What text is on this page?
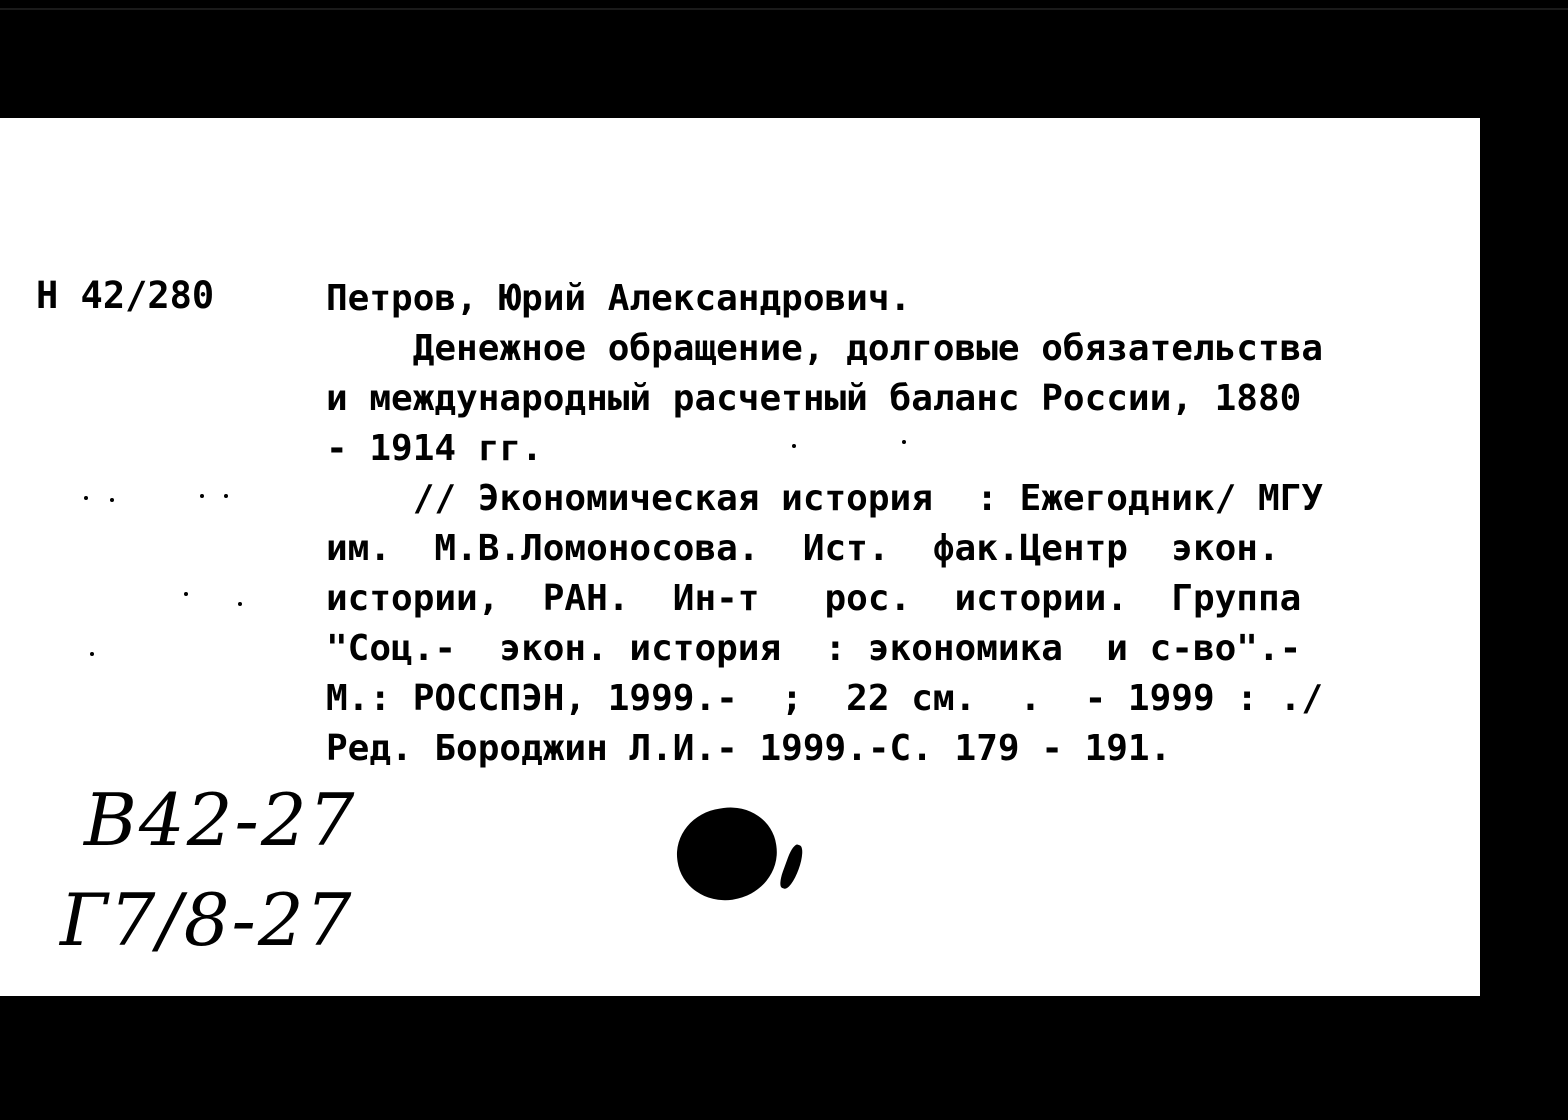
Н 42/280	Петров, Юрий Александрович.
Денежное обращение, долговые обязательства
и международный расчетный баланс России, 1880
- 1914 гг.
// Экономическая история  : Ежегодник/ МГУ
им.  М.В.Ломоносова.  Ист.  фак.Центр  экон.
истории,  РАН.  Ин-т   рос.  истории.  Группа
"Соц.-  экон. история  : экономика  и с-во".-
М.: РОССПЭН, 1999.-  ;  22 см.  .  - 1999 : ./
Ред. Бороджин Л.И.- 1999.-С. 179 - 191.
В42-27
Г7/8-27
